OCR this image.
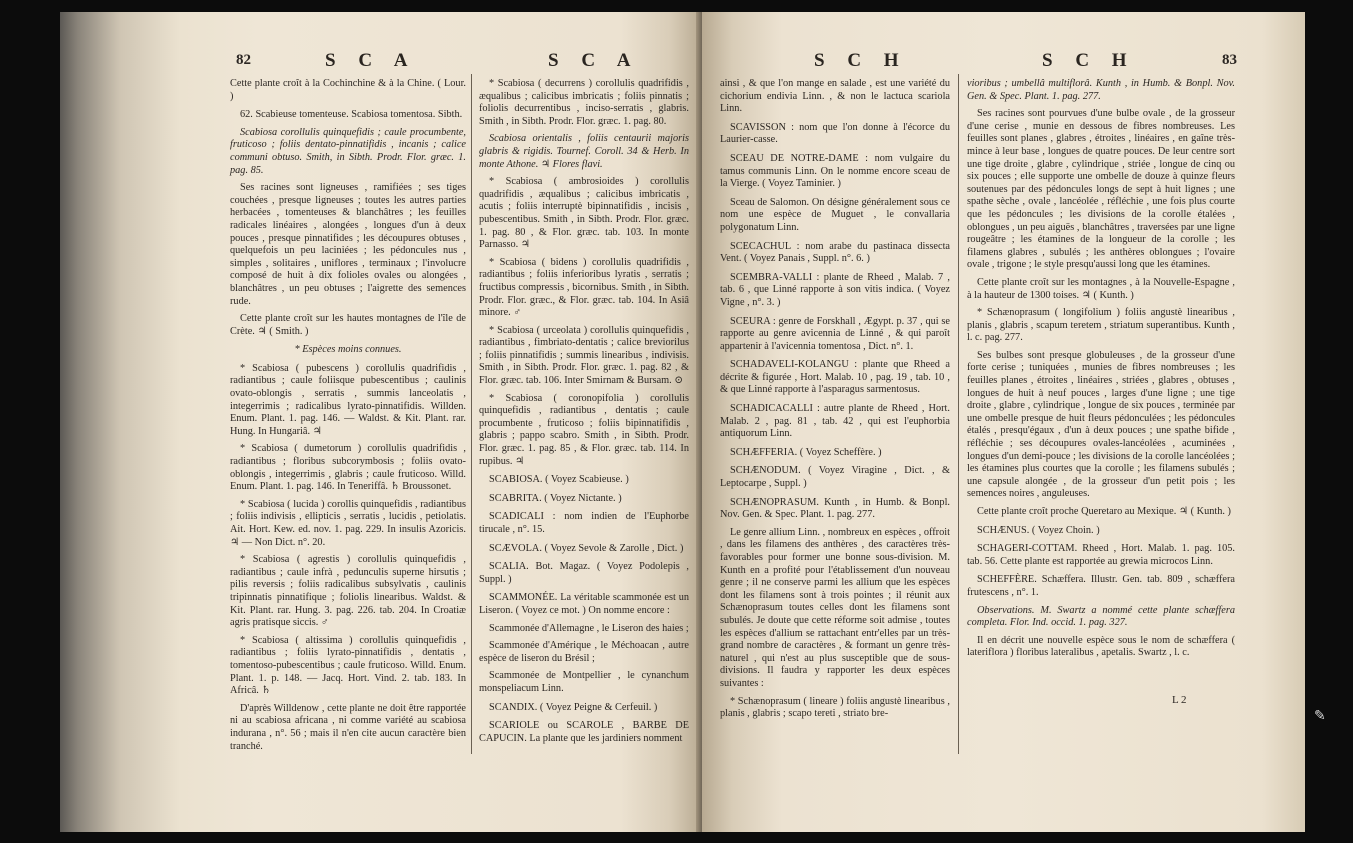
82	S C A	S C A

Cette plante croît à la Cochinchine & à la Chine. ( Lour. )

62. Scabieuse tomenteuse. Scabiosa tomentosa. Sibth.

Scabiosa corollulis quinquefidis ; caule procumbente, fruticoso ; foliis dentato-pinnatifidis , incanis ; calice communi obtuso. Smith, in Sibth. Prodr. Flor. græc. 1. pag. 85.

Ses racines sont ligneuses , ramifiées ; ses tiges couchées , presque ligneuses ; toutes les autres parties herbacées , tomenteuses & blanchâtres ; les feuilles radicales linéaires , alongées , longues d'un à deux pouces , presque pinnatifides ; les découpures obtuses , quelquefois un peu laciniées ; les pédoncules nus , simples , solitaires , uniflores , terminaux ; l'involucre composé de huit à dix folioles ovales ou alongées , blanchâtres , un peu obtuses ; l'aigrette des semences rude.

Cette plante croît sur les hautes montagnes de l'île de Crète. ♃ ( Smith. )

* Espèces moins connues.

* Scabiosa ( pubescens ) corollulis quadrifidis , radiantibus ; caule foliisque pubescentibus ; caulinis ovato-oblongis , serratis , summis lanceolatis , integerrimis ; radicalibus lyrato-pinnatifidis. Willden. Enum. Plant. 1. pag. 146. — Waldst. & Kit. Plant. rar. Hung. In Hungariâ. ♃

* Scabiosa ( dumetorum ) corollulis quadrifidis , radiantibus ; floribus subcorymbosis ; foliis ovato-oblongis , integerrimis , glabris ; caule fruticoso. Willd. Enum. Plant. 1. pag. 146. In Teneriffâ. ♄ Broussonet.

* Scabiosa ( lucida ) corollis quinquefidis , radiantibus ; foliis indivisis , ellipticis , serratis , lucidis , petiolatis. Ait. Hort. Kew. ed. nov. 1. pag. 229. In insulis Azoricis. ♃ — Non Dict. n°. 20.

* Scabiosa ( agrestis ) corollulis quinquefidis , radiantibus ; caule infrà , pedunculis superne hirsutis ; pilis reversis ; foliis radicalibus subsylvatis , caulinis tripinnatis pinnatifique ; foliolis linearibus. Waldst. & Kit. Plant. rar. Hung. 3. pag. 226. tab. 204. In Croatiæ agris pratisque siccis. ♂

* Scabiosa ( altissima ) corollulis quinquefidis , radiantibus ; foliis lyrato-pinnatifidis , dentatis , tomentoso-pubescentibus ; caule fruticoso. Willd. Enum. Plant. 1. p. 148. — Jacq. Hort. Vind. 2. tab. 183. In Africâ. ♄

D'après Willdenow , cette plante ne doit être rapportée ni au scabiosa africana , ni comme variété au scabiosa indurana , n°. 56 ; mais il n'en cite aucun caractère bien tranché.

* Scabiosa ( decurrens ) corollulis quadrifidis , æqualibus ; calicibus imbricatis ; foliis pinnatis ; foliolis decurrentibus , inciso-serratis , glabris. Smith , in Sibth. Prodr. Flor. græc. 1. pag. 80.

Scabiosa orientalis , foliis centaurii majoris glabris & rigidis. Tournef. Coroll. 34 & Herb. In monte Athone. ♃ Flores flavi.

* Scabiosa ( ambrosioides ) corollulis quadrifidis , æqualibus ; calicibus imbricatis , acutis ; foliis interruptè bipinnatifidis , incisis , pubescentibus. Smith , in Sibth. Prodr. Flor. græc. 1. pag. 80 , & Flor. græc. tab. 103. In monte Parnasso. ♃

* Scabiosa ( bidens ) corollulis quadrifidis , radiantibus ; foliis inferioribus lyratis , serratis ; fructibus compressis , bicornibus. Smith , in Sibth. Prodr. Flor. græc., & Flor. græc. tab. 104. In Asiâ minore. ♂

* Scabiosa ( urceolata ) corollulis quinquefidis , radiantibus , fimbriato-dentatis ; calice breviorilus ; foliis pinnatifidis ; summis linearibus , indivisis. Smith , in Sibth. Prodr. Flor. græc. 1. pag. 82 , & Flor. græc. tab. 106. Inter Smirnam & Bursam. ⊙

* Scabiosa ( coronopifolia ) corollulis quinquefidis , radiantibus , dentatis ; caule procumbente , fruticoso ; foliis bipinnatifidis , glabris ; pappo scabro. Smith , in Sibth. Prodr. Flor. græc. 1. pag. 85 , & Flor. græc. tab. 114. In rupibus. ♃

SCABIOSA. ( Voyez Scabieuse. )

SCABRITA. ( Voyez Nictante. )

SCADICALI : nom indien de l'Euphorbe tirucale , n°. 15.

SCÆVOLA. ( Voyez Sevole & Zarolle , Dict. )

SCALIA. Bot. Magaz. ( Voyez Podolepis , Suppl. )

SCAMMONÉE. La véritable scammonée est un Liseron. ( Voyez ce mot. ) On nomme encore :

Scammonée d'Allemagne , le Liseron des haies ;

Scammonée d'Amérique , le Méchoacan , autre espèce de liseron du Brésil ;

Scammonée de Montpellier , le cynanchum monspeliacum Linn.

SCANDIX. ( Voyez Peigne & Cerfeuil. )

SCARIOLE ou SCAROLE , BARBE DE CAPUCIN. La plante que les jardiniers nomment

S C H	S C H	83

ainsi , & que l'on mange en salade , est une variété du cichorium endivia Linn. , & non le lactuca scariola Linn.

SCAVISSON : nom que l'on donne à l'écorce du Laurier-casse.

SCEAU DE NOTRE-DAME : nom vulgaire du tamus communis Linn. On le nomme encore sceau de la Vierge. ( Voyez Taminier. )

Sceau de Salomon. On désigne généralement sous ce nom une espèce de Muguet , le convallaria polygonatum Linn.

SCECACHUL : nom arabe du pastinaca dissecta Vent. ( Voyez Panais , Suppl. n°. 6. )

SCEMBRA-VALLI : plante de Rheed , Malab. 7 , tab. 6 , que Linné rapporte à son vitis indica. ( Voyez Vigne , n°. 3. )

SCEURA : genre de Forskhall , Ægypt. p. 37 , qui se rapporte au genre avicennia de Linné , & qui paroît appartenir à l'avicennia tomentosa , Dict. n°. 1.

SCHADAVELI-KOLANGU : plante que Rheed a décrite & figurée , Hort. Malab. 10 , pag. 19 , tab. 10 , & que Linné rapporte à l'asparagus sarmentosus.

SCHADICACALLI : autre plante de Rheed , Hort. Malab. 2 , pag. 81 , tab. 42 , qui est l'euphorbia antiquorum Linn.

SCHÆFFERIA. ( Voyez Scheffère. )

SCHÆNODUM. ( Voyez Viragine , Dict. , & Leptocarpe , Suppl. )

SCHÆNOPRASUM. Kunth , in Humb. & Bonpl. Nov. Gen. & Spec. Plant. 1. pag. 277.

Le genre allium Linn. , nombreux en espèces , offroit , dans les filamens des anthères , des caractères très-favorables pour former une bonne sous-division. M. Kunth en a profité pour l'établissement d'un nouveau genre ; il ne conserve parmi les allium que les espèces dont les filamens sont à trois pointes ; il réunit aux Schænoprasum toutes celles dont les filamens sont subulés. Je doute que cette réforme soit admise , toutes les espèces d'allium se rattachant entr'elles par un très-grand nombre de caractères , & formant un genre très-naturel , qui n'est au plus susceptible que de sous-divisions. Il faudra y rapporter les deux espèces suivantes :

* Schænoprasum ( lineare ) foliis angustè linearibus , planis , glabris ; scapo tereti , striato bre-

vioribus ; umbellâ multiflorâ. Kunth , in Humb. & Bonpl. Nov. Gen. & Spec. Plant. 1. pag. 277.

Ses racines sont pourvues d'une bulbe ovale , de la grosseur d'une cerise , munie en dessous de fibres nombreuses. Les feuilles sont planes , glabres , étroites , linéaires , en gaîne très-mince à leur base , longues de quatre pouces. De leur centre sort une tige droite , glabre , cylindrique , striée , longue de cinq ou six pouces ; elle supporte une ombelle de douze à quinze fleurs soutenues par des pédoncules longs de sept à huit lignes ; une spathe sèche , ovale , lancéolée , réfléchie , une fois plus courte que les pédoncules ; les divisions de la corolle étalées , oblongues , un peu aiguës , blanchâtres , traversées par une ligne rougeâtre ; les étamines de la longueur de la corolle ; les filamens glabres , subulés ; les anthères oblongues ; l'ovaire ovale , trigone ; le style presqu'aussi long que les étamines.

Cette plante croît sur les montagnes , à la Nouvelle-Espagne , à la hauteur de 1300 toises. ♃ ( Kunth. )

* Schænoprasum ( longifolium ) foliis angustè linearibus , planis , glabris , scapum teretem , striatum superantibus. Kunth , l. c. pag. 277.

Ses bulbes sont presque globuleuses , de la grosseur d'une forte cerise ; tuniquées , munies de fibres nombreuses ; les feuilles planes , étroites , linéaires , striées , glabres , obtuses , longues de huit à neuf pouces , larges d'une ligne ; une tige droite , glabre , cylindrique , longue de six pouces , terminée par une ombelle presque de huit fleurs pédonculées ; les pédoncules étalés , presqu'égaux , d'un à deux pouces ; une spathe bifide , réfléchie ; ses découpures ovales-lancéolées , acuminées , longues d'un demi-pouce ; les divisions de la corolle lancéolées ; les étamines plus courtes que la corolle ; les filamens subulés ; une capsule alongée , de la grosseur d'un petit pois ; les semences noires , anguleuses.

Cette plante croît proche Queretaro au Mexique. ♃ ( Kunth. )

SCHÆNUS. ( Voyez Choin. )

SCHAGERI-COTTAM. Rheed , Hort. Malab. 1. pag. 105. tab. 56. Cette plante est rapportée au grewia microcos Linn.

SCHEFFÈRE. Schæffera. Illustr. Gen. tab. 809 , schæffera frutescens , n°. 1.

Observations. M. Swartz a nommé cette plante schæffera completa. Flor. Ind. occid. 1. pag. 327.

Il en décrit une nouvelle espèce sous le nom de schæffera ( lateriflora ) floribus lateralibus , apetalis. Swartz , l. c.

L 2
✎
